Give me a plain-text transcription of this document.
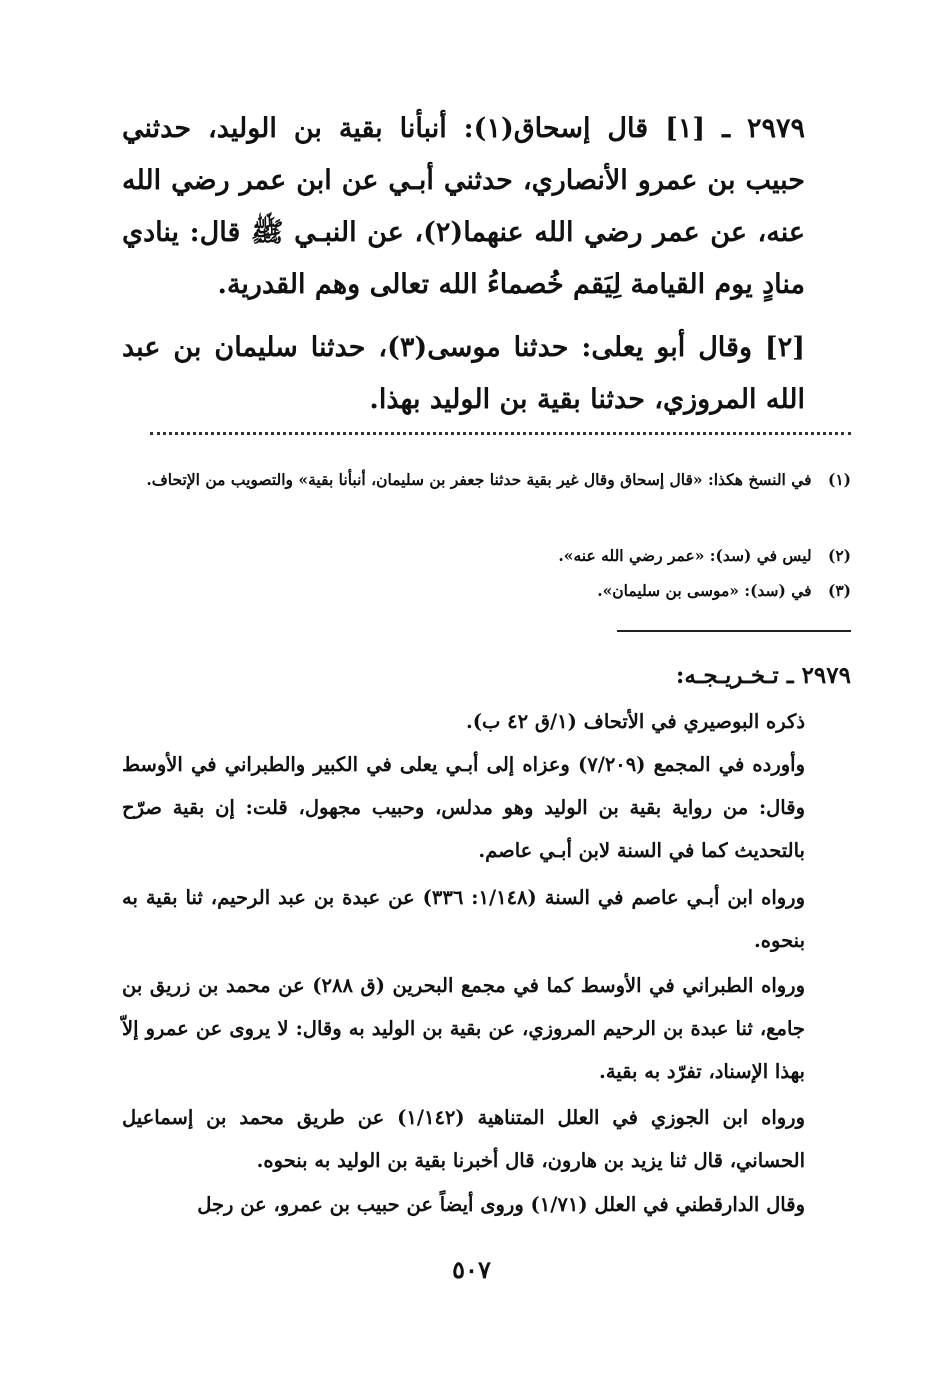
٢٩٧٩ ـ [١] قال إسحاق(١): أنبأنا بقية بن الوليد، حدثني حبيب بن عمرو الأنصاري، حدثني أبـي عن ابن عمر رضي الله عنه، عن عمر رضي الله عنهما(٢)، عن النبـي ﷺ قال: ينادي منادٍ يوم القيامة لِيَقم خُصماءُ الله تعالى وهم القدرية.
[٢] وقال أبو يعلى: حدثنا موسى(٣)، حدثنا سليمان بن عبد الله المروزي، حدثنا بقية بن الوليد بهذا.
(١) في النسخ هكذا: «قال إسحاق وقال غير بقية حدثنا جعفر بن سليمان، أنبأنا بقية» والتصويب من الإتحاف.
(٢) ليس في (سد): «عمر رضي الله عنه».
(٣) في (سد): «موسى بن سليمان».
٢٩٧٩ ـ تـخـريـجـه:
ذكره البوصيري في الأتحاف (١/ق ٤٢ ب).
وأورده في المجمع (٧/٢٠٩) وعزاه إلى أبـي يعلى في الكبير والطبراني في الأوسط وقال: من رواية بقية بن الوليد وهو مدلس، وحبيب مجهول، قلت: إن بقية صرّح بالتحديث كما في السنة لابن أبـي عاصم.
ورواه ابن أبـي عاصم في السنة (١/١٤٨: ٣٣٦) عن عبدة بن عبد الرحيم، ثنا بقية به بنحوه.
ورواه الطبراني في الأوسط كما في مجمع البحرين (ق ٢٨٨) عن محمد بن زريق بن جامع، ثنا عبدة بن الرحيم المروزي، عن بقية بن الوليد به وقال: لا يروى عن عمرو إلاّ بهذا الإسناد، تفرّد به بقية.
ورواه ابن الجوزي في العلل المتناهية (١/١٤٢) عن طريق محمد بن إسماعيل الحساني، قال ثنا يزيد بن هارون، قال أخبرنا بقية بن الوليد به بنحوه.
وقال الدارقطني في العلل (١/٧١) وروى أيضاً عن حبيب بن عمرو، عن رجل
٥٠٧
